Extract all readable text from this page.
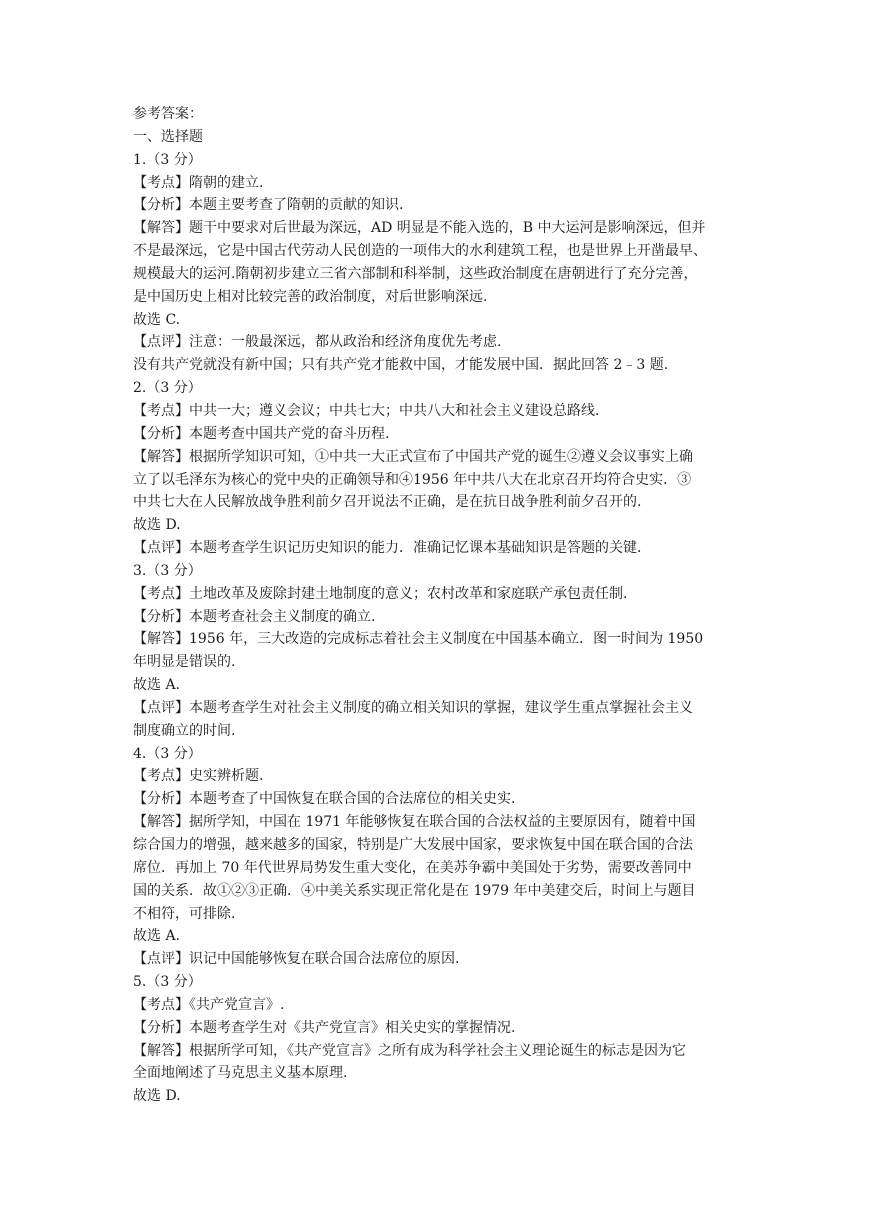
参考答案：
一、选择题
1.（3 分）
【考点】隋朝的建立.
【分析】本题主要考查了隋朝的贡献的知识.
【解答】题干中要求对后世最为深远，AD 明显是不能入选的，B 中大运河是影响深远，但并
不是最深远，它是中国古代劳动人民创造的一项伟大的水利建筑工程，也是世界上开凿最早、
规模最大的运河.隋朝初步建立三省六部制和科举制，这些政治制度在唐朝进行了充分完善，
是中国历史上相对比较完善的政治制度，对后世影响深远.
故选 C.
【点评】注意：一般最深远，都从政治和经济角度优先考虑.
没有共产党就没有新中国；只有共产党才能救中国，才能发展中国．据此回答 2﹣3 题.
2.（3 分）
【考点】中共一大；遵义会议；中共七大；中共八大和社会主义建设总路线.
【分析】本题考查中国共产党的奋斗历程.
【解答】根据所学知识可知，①中共一大正式宣布了中国共产党的诞生②遵义会议事实上确
立了以毛泽东为核心的党中央的正确领导和④1956 年中共八大在北京召开均符合史实．③
中共七大在人民解放战争胜利前夕召开说法不正确，是在抗日战争胜利前夕召开的.
故选 D.
【点评】本题考查学生识记历史知识的能力．准确记忆课本基础知识是答题的关键.
3.（3 分）
【考点】土地改革及废除封建土地制度的意义；农村改革和家庭联产承包责任制.
【分析】本题考查社会主义制度的确立.
【解答】1956 年，三大改造的完成标志着社会主义制度在中国基本确立．图一时间为 1950
年明显是错误的.
故选 A.
【点评】本题考查学生对社会主义制度的确立相关知识的掌握，建议学生重点掌握社会主义
制度确立的时间.
4.（3 分）
【考点】史实辨析题.
【分析】本题考查了中国恢复在联合国的合法席位的相关史实.
【解答】据所学知，中国在 1971 年能够恢复在联合国的合法权益的主要原因有，随着中国
综合国力的增强，越来越多的国家，特别是广大发展中国家，要求恢复中国在联合国的合法
席位．再加上 70 年代世界局势发生重大变化，在美苏争霸中美国处于劣势，需要改善同中
国的关系．故①②③正确．④中美关系实现正常化是在 1979 年中美建交后，时间上与题目
不相符，可排除.
故选 A.
【点评】识记中国能够恢复在联合国合法席位的原因.
5.（3 分）
【考点】《共产党宣言》.
【分析】本题考查学生对《共产党宣言》相关史实的掌握情况.
【解答】根据所学可知，《共产党宣言》之所有成为科学社会主义理论诞生的标志是因为它
全面地阐述了马克思主义基本原理.
故选 D.
